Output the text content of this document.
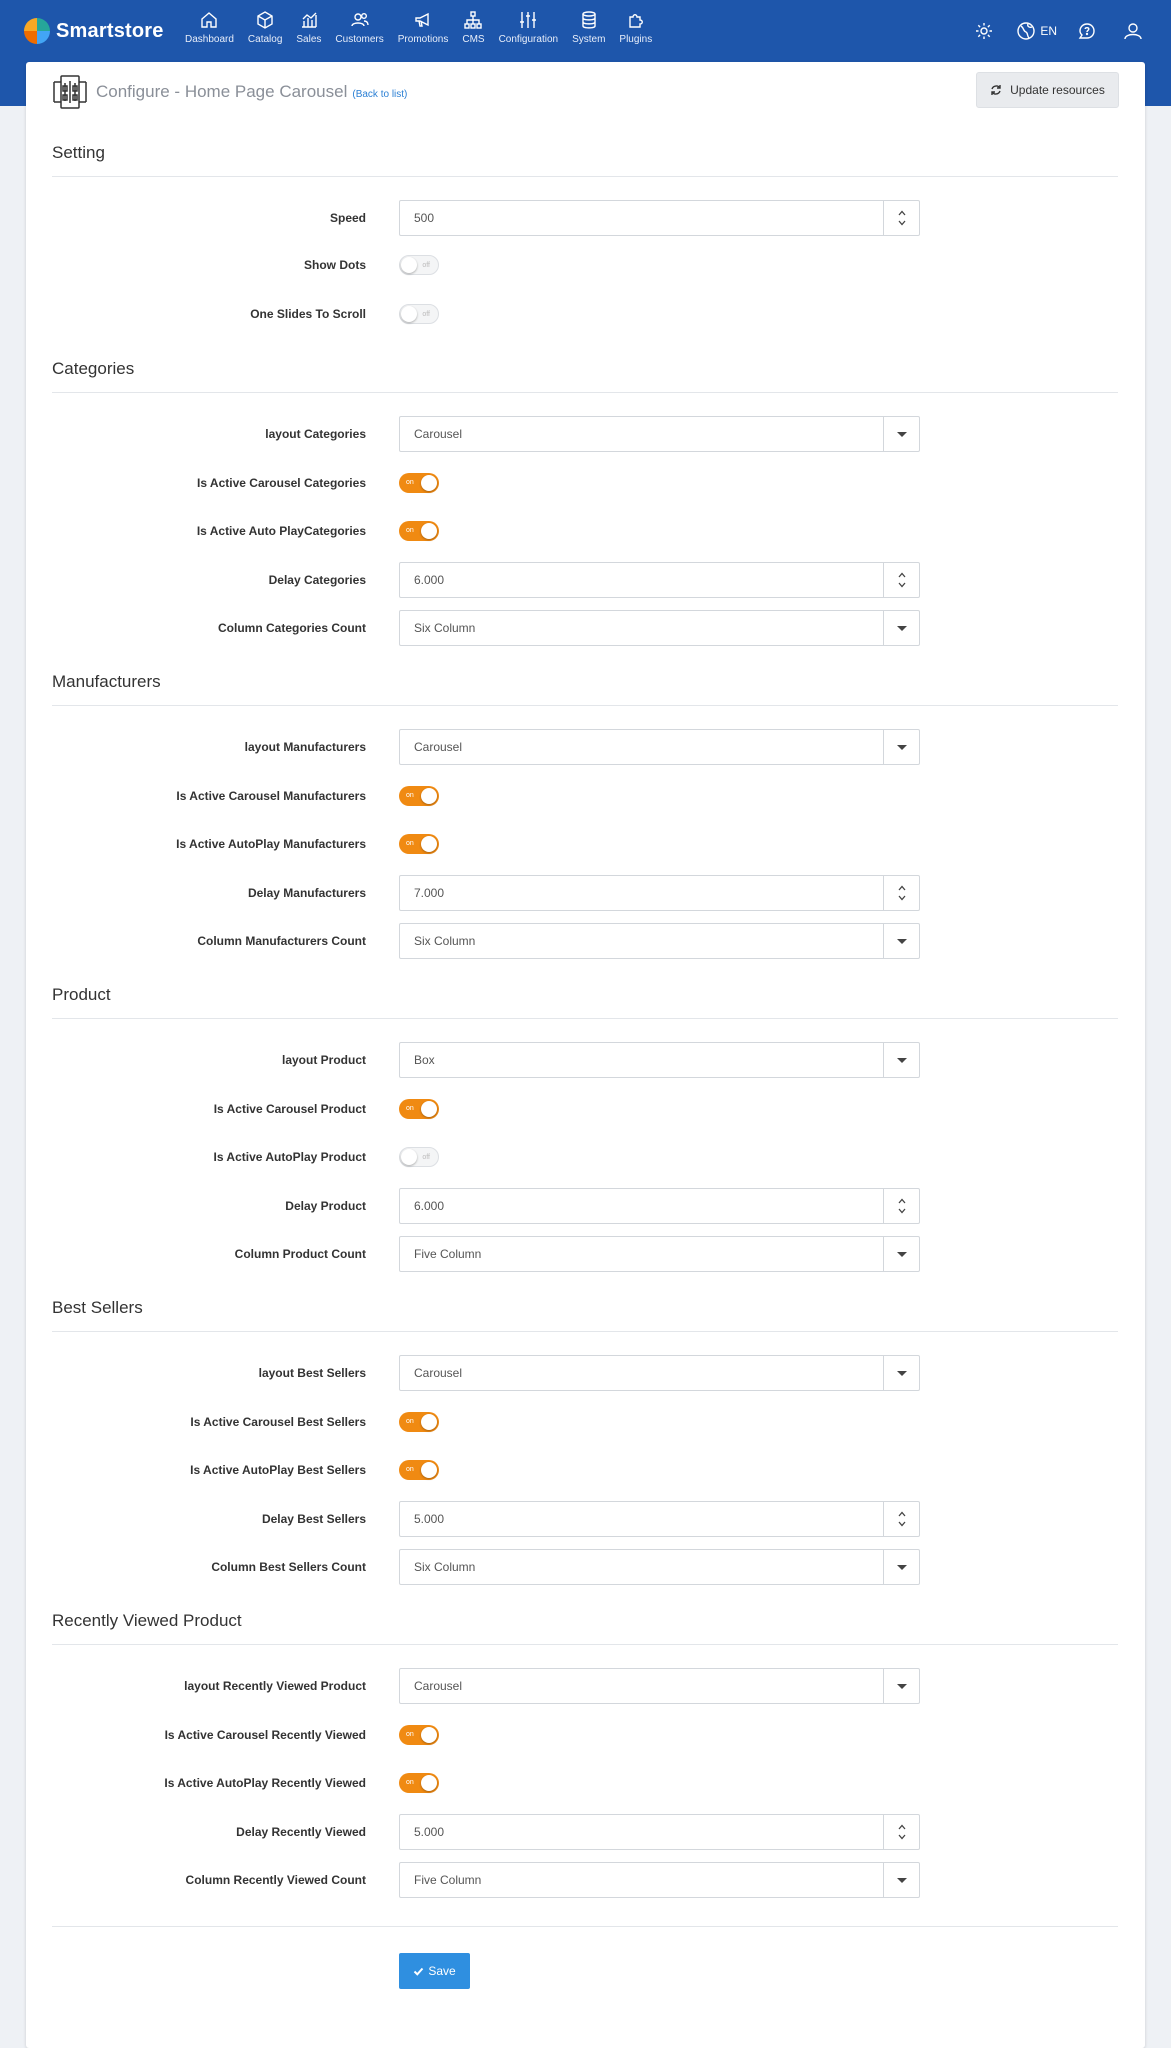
Smartstore Dashboard Catalog Sales Customers Promotions CMS Configuration System Plugins
EN
Configure - Home Page Carousel (Back to list)	Update resources
Setting
Speed	500
Show Dots	off
One Slides To Scroll	off
Categories
layout Categories	Carousel
Is Active Carousel Categories	on
Is Active Auto PlayCategories	on
Delay Categories	6.000
Column Categories Count	Six Column
Manufacturers
layout Manufacturers	Carousel
Is Active Carousel Manufacturers	on
Is Active AutoPlay Manufacturers	on
Delay Manufacturers	7.000
Column Manufacturers Count	Six Column
Product
layout Product	Box
Is Active Carousel Product	on
Is Active AutoPlay Product	off
Delay Product	6.000
Column Product Count	Five Column
Best Sellers
layout Best Sellers	Carousel
Is Active Carousel Best Sellers	on
Is Active AutoPlay Best Sellers	on
Delay Best Sellers	5.000
Column Best Sellers Count	Six Column
Recently Viewed Product
layout Recently Viewed Product	Carousel
Is Active Carousel Recently Viewed	on
Is Active AutoPlay Recently Viewed	on
Delay Recently Viewed	5.000
Column Recently Viewed Count	Five Column
Save
